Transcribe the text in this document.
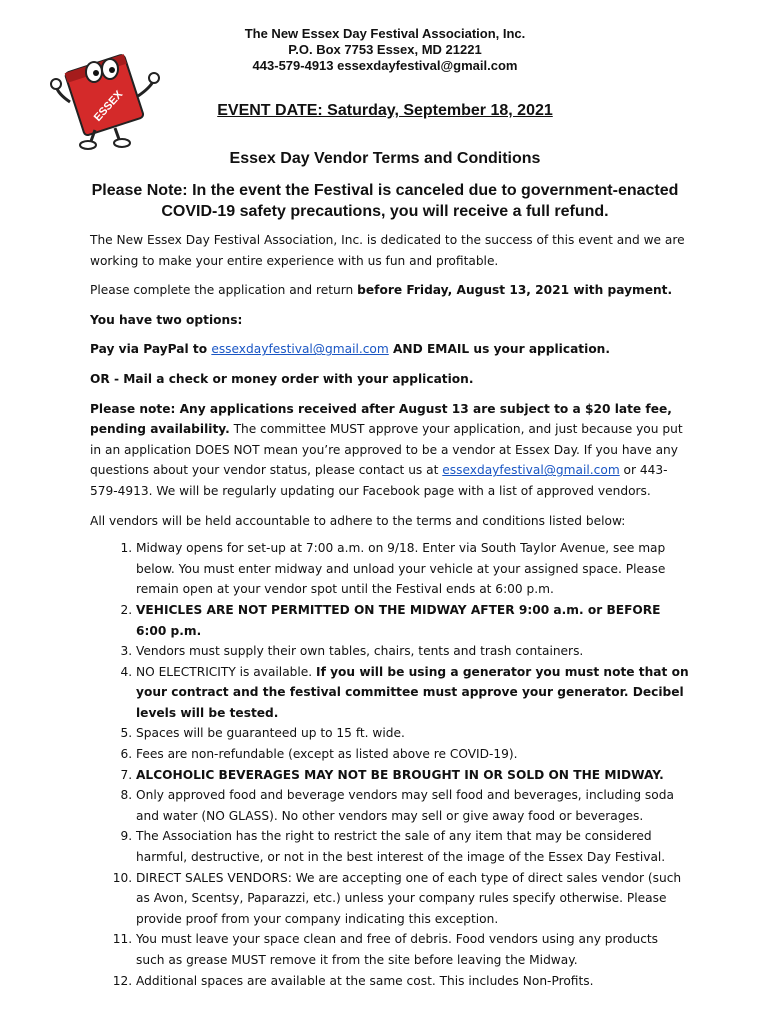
ESSEX
The New Essex Day Festival Association, Inc.
P.O. Box 7753 Essex, MD 21221
443-579-4913 essexdayfestival@gmail.com
EVENT DATE: Saturday, September 18, 2021
Essex Day Vendor Terms and Conditions
Please Note: In the event the Festival is canceled due to government-enacted COVID-19 safety precautions, you will receive a full refund.

The New Essex Day Festival Association, Inc. is dedicated to the success of this event and we are working to make your entire experience with us fun and profitable.

Please complete the application and return before Friday, August 13, 2021 with payment.

You have two options:

Pay via PayPal to essexdayfestival@gmail.com AND EMAIL us your application.

OR - Mail a check or money order with your application.

Please note: Any applications received after August 13 are subject to a $20 late fee, pending availability. The committee MUST approve your application, and just because you put in an application DOES NOT mean you’re approved to be a vendor at Essex Day. If you have any questions about your vendor status, please contact us at essexdayfestival@gmail.com or 443-579-4913. We will be regularly updating our Facebook page with a list of approved vendors.

All vendors will be held accountable to adhere to the terms and conditions listed below:

1. Midway opens for set-up at 7:00 a.m. on 9/18. Enter via South Taylor Avenue, see map below. You must enter midway and unload your vehicle at your assigned space. Please remain open at your vendor spot until the Festival ends at 6:00 p.m.
2. VEHICLES ARE NOT PERMITTED ON THE MIDWAY AFTER 9:00 a.m. or BEFORE 6:00 p.m.
3. Vendors must supply their own tables, chairs, tents and trash containers.
4. NO ELECTRICITY is available. If you will be using a generator you must note that on your contract and the festival committee must approve your generator. Decibel levels will be tested.
5. Spaces will be guaranteed up to 15 ft. wide.
6. Fees are non-refundable (except as listed above re COVID-19).
7. ALCOHOLIC BEVERAGES MAY NOT BE BROUGHT IN OR SOLD ON THE MIDWAY.
8. Only approved food and beverage vendors may sell food and beverages, including soda and water (NO GLASS). No other vendors may sell or give away food or beverages.
9. The Association has the right to restrict the sale of any item that may be considered harmful, destructive, or not in the best interest of the image of the Essex Day Festival.
10. DIRECT SALES VENDORS: We are accepting one of each type of direct sales vendor (such as Avon, Scentsy, Paparazzi, etc.) unless your company rules specify otherwise. Please provide proof from your company indicating this exception.
11. You must leave your space clean and free of debris. Food vendors using any products such as grease MUST remove it from the site before leaving the Midway.
12. Additional spaces are available at the same cost. This includes Non-Profits.
